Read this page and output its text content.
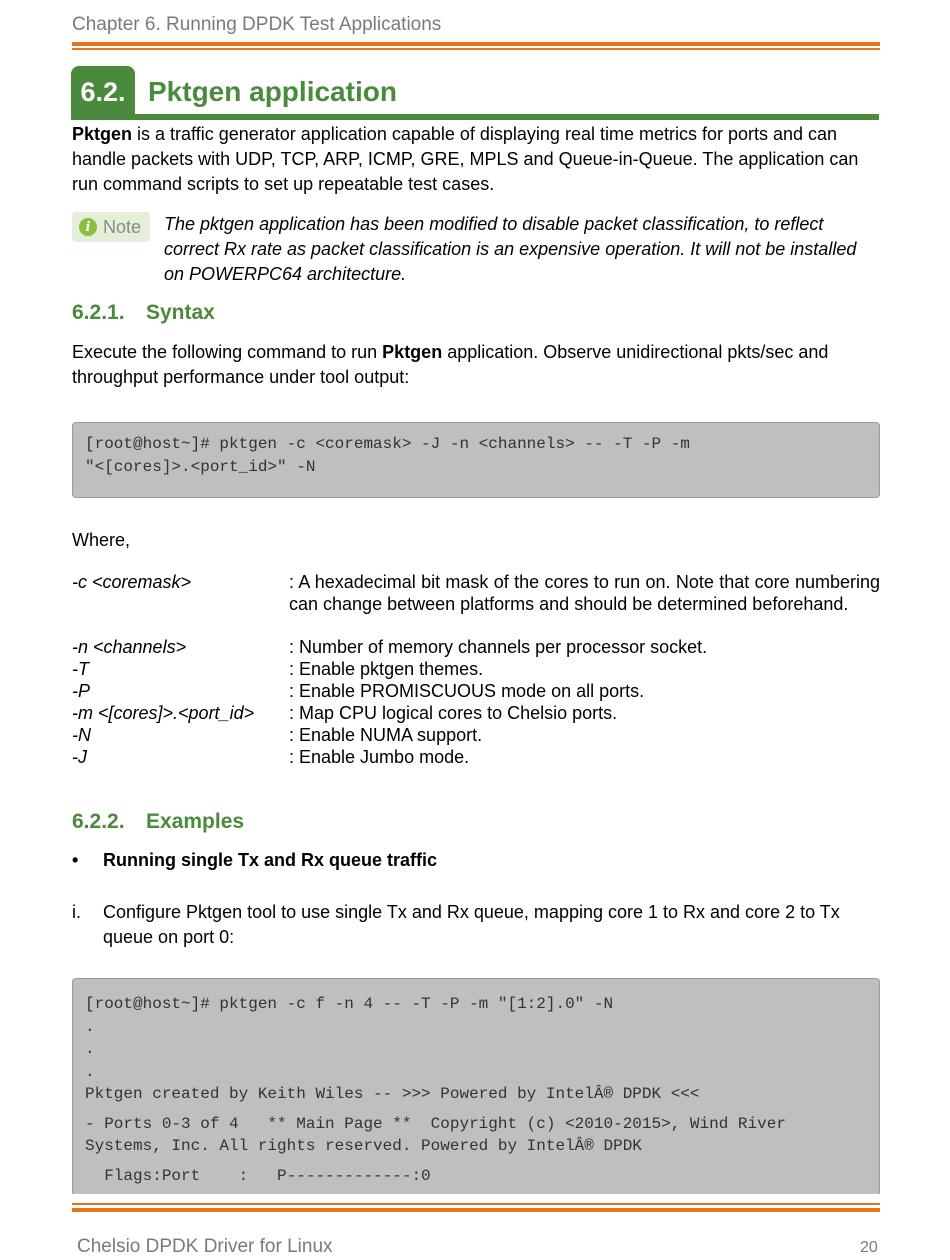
Chapter 6. Running DPDK Test Applications
6.2. Pktgen application
Pktgen is a traffic generator application capable of displaying real time metrics for ports and can handle packets with UDP, TCP, ARP, ICMP, GRE, MPLS and Queue-in-Queue. The application can run command scripts to set up repeatable test cases.
i Note The pktgen application has been modified to disable packet classification, to reflect correct Rx rate as packet classification is an expensive operation. It will not be installed on POWERPC64 architecture.
6.2.1. Syntax
Execute the following command to run Pktgen application. Observe unidirectional pkts/sec and throughput performance under tool output:
[root@host~]# pktgen -c <coremask> -J -n <channels> -- -T -P -m
"<[cores]>.<port_id>" -N
Where,
-c <coremask>	: A hexadecimal bit mask of the cores to run on. Note that core numbering can change between platforms and should be determined beforehand.
-n <channels>	: Number of memory channels per processor socket.
-T	: Enable pktgen themes.
-P	: Enable PROMISCUOUS mode on all ports.
-m <[cores]>.<port_id>	: Map CPU logical cores to Chelsio ports.
-N	: Enable NUMA support.
-J	: Enable Jumbo mode.
6.2.2. Examples
•	Running single Tx and Rx queue traffic
i.	Configure Pktgen tool to use single Tx and Rx queue, mapping core 1 to Rx and core 2 to Tx queue on port 0:
[root@host~]# pktgen -c f -n 4 -- -T -P -m "[1:2].0" -N
.
.
.
Pktgen created by Keith Wiles -- >>> Powered by IntelÂ® DPDK <<<
- Ports 0-3 of 4   ** Main Page **  Copyright (c) <2010-2015>, Wind River
Systems, Inc. All rights reserved. Powered by IntelÂ® DPDK
Flags:Port    :   P-------------:0
Chelsio DPDK Driver for Linux	20
